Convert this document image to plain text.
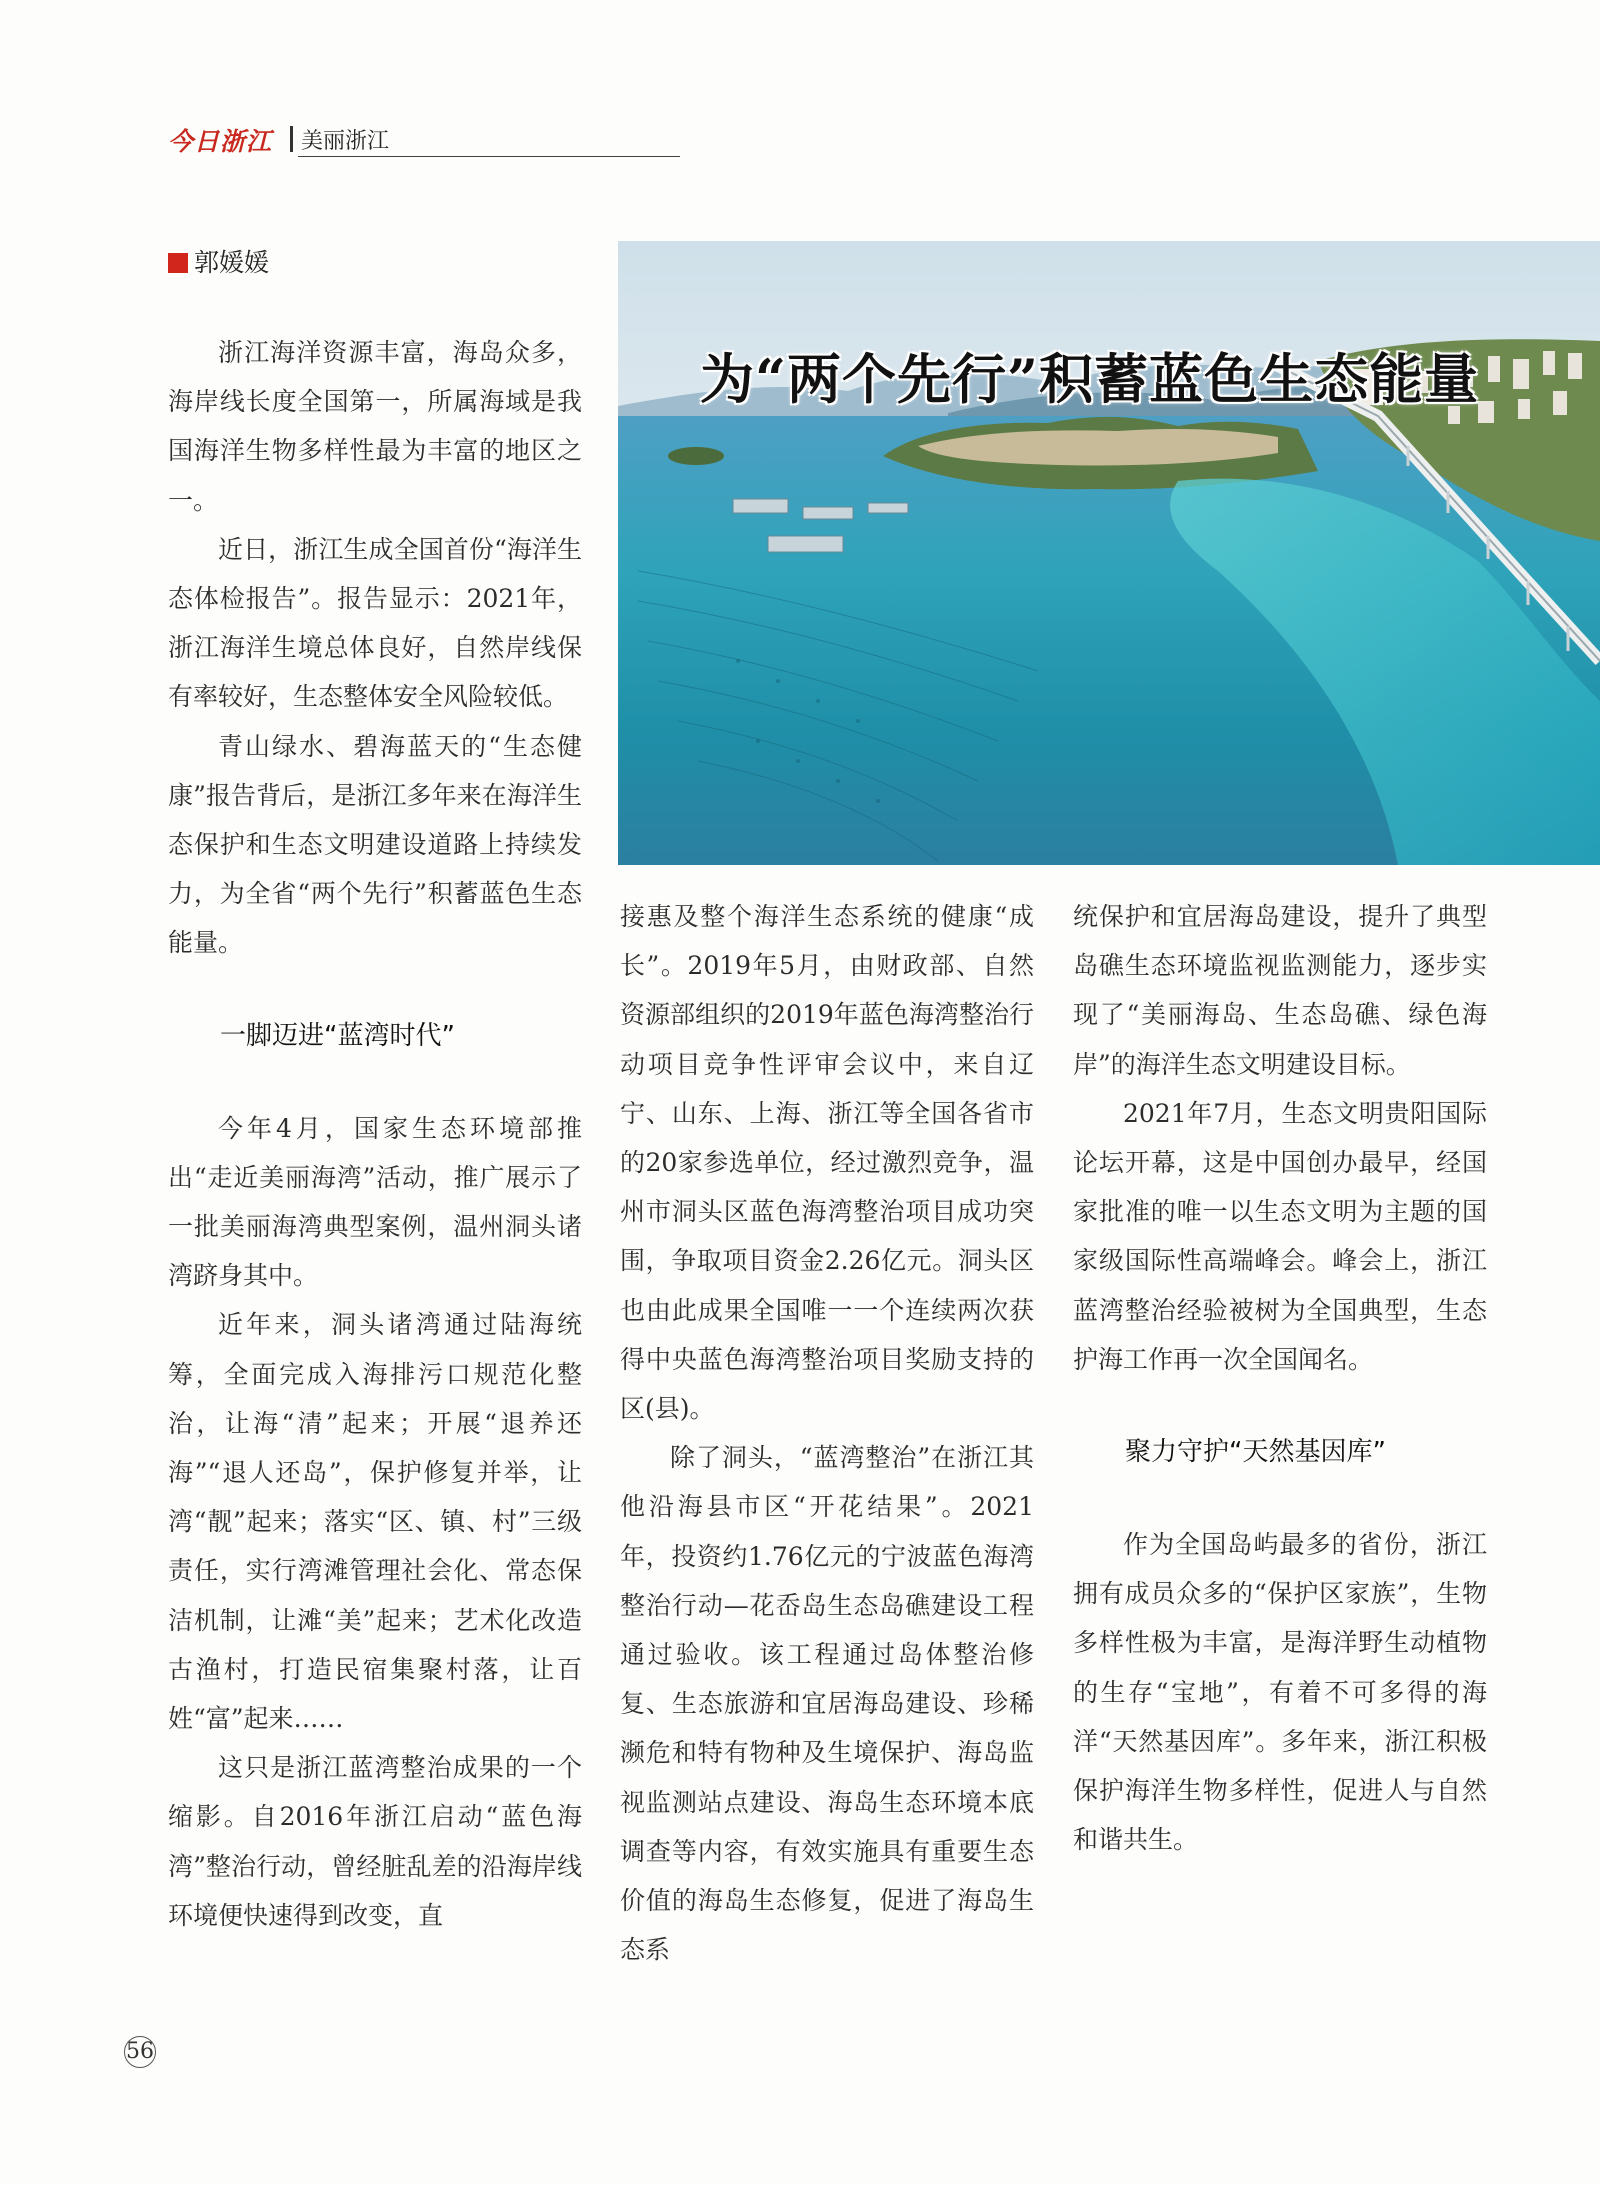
今日浙江 美丽浙江
郭媛媛
为“两个先行”积蓄蓝色生态能量

浙江海洋资源丰富，海岛众多，海岸线长度全国第一，所属海域是我国海洋生物多样性最为丰富的地区之一。

近日，浙江生成全国首份“海洋生态体检报告”。报告显示：2021年，浙江海洋生境总体良好，自然岸线保有率较好，生态整体安全风险较低。

青山绿水、碧海蓝天的“生态健康”报告背后，是浙江多年来在海洋生态保护和生态文明建设道路上持续发力，为全省“两个先行”积蓄蓝色生态能量。

一脚迈进“蓝湾时代”

今年4月，国家生态环境部推出“走近美丽海湾”活动，推广展示了一批美丽海湾典型案例，温州洞头诸湾跻身其中。

近年来，洞头诸湾通过陆海统筹，全面完成入海排污口规范化整治，让海“清”起来；开展“退养还海”“退人还岛”，保护修复并举，让湾“靓”起来；落实“区、镇、村”三级责任，实行湾滩管理社会化、常态保洁机制，让滩“美”起来；艺术化改造古渔村，打造民宿集聚村落，让百姓“富”起来……

这只是浙江蓝湾整治成果的一个缩影。自2016年浙江启动“蓝色海湾”整治行动，曾经脏乱差的沿海岸线环境便快速得到改变，直

接惠及整个海洋生态系统的健康“成长”。2019年5月，由财政部、自然资源部组织的2019年蓝色海湾整治行动项目竞争性评审会议中，来自辽宁、山东、上海、浙江等全国各省市的20家参选单位，经过激烈竞争，温州市洞头区蓝色海湾整治项目成功突围，争取项目资金2.26亿元。洞头区也由此成果全国唯一一个连续两次获得中央蓝色海湾整治项目奖励支持的区(县)。

除了洞头，“蓝湾整治”在浙江其他沿海县市区“开花结果”。2021年，投资约1.76亿元的宁波蓝色海湾整治行动—花岙岛生态岛礁建设工程通过验收。该工程通过岛体整治修复、生态旅游和宜居海岛建设、珍稀濒危和特有物种及生境保护、海岛监视监测站点建设、海岛生态环境本底调查等内容，有效实施具有重要生态价值的海岛生态修复，促进了海岛生态系

统保护和宜居海岛建设，提升了典型岛礁生态环境监视监测能力，逐步实现了“美丽海岛、生态岛礁、绿色海岸”的海洋生态文明建设目标。

2021年7月，生态文明贵阳国际论坛开幕，这是中国创办最早，经国家批准的唯一以生态文明为主题的国家级国际性高端峰会。峰会上，浙江蓝湾整治经验被树为全国典型，生态护海工作再一次全国闻名。

聚力守护“天然基因库”

作为全国岛屿最多的省份，浙江拥有成员众多的“保护区家族”，生物多样性极为丰富，是海洋野生动植物的生存“宝地”，有着不可多得的海洋“天然基因库”。多年来，浙江积极保护海洋生物多样性，促进人与自然和谐共生。

56
